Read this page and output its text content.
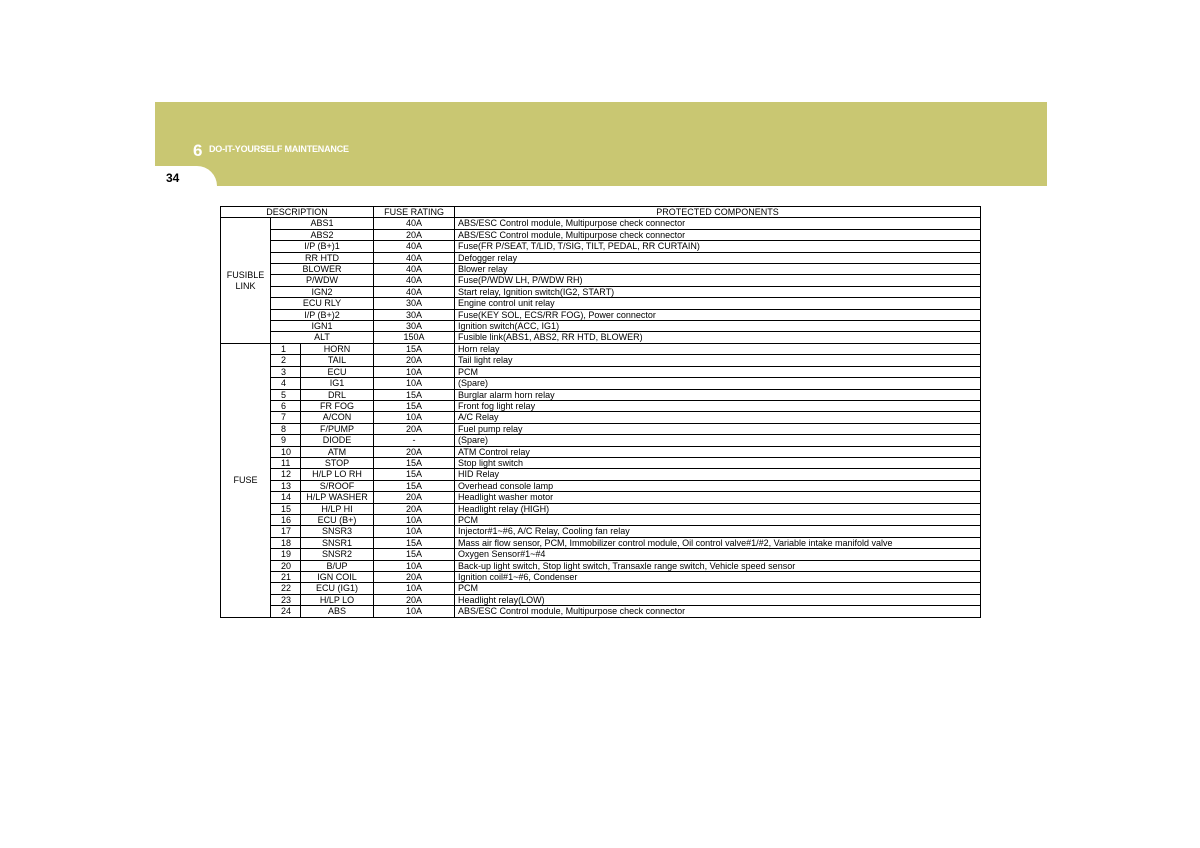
6 DO-IT-YOURSELF MAINTENANCE
34
DESCRIPTION			FUSE RATING	PROTECTED COMPONENTS
FUSIBLE LINK	ABS1		40A	ABS/ESC Control module, Multipurpose check connector
	ABS2		20A	ABS/ESC Control module, Multipurpose check connector
	I/P (B+)1		40A	Fuse(FR P/SEAT, T/LID, T/SIG, TILT, PEDAL, RR CURTAIN)
	RR HTD		40A	Defogger relay
	BLOWER		40A	Blower relay
	P/WDW		40A	Fuse(P/WDW LH, P/WDW RH)
	IGN2		40A	Start relay, Ignition switch(IG2, START)
	ECU RLY		30A	Engine control unit relay
	I/P (B+)2		30A	Fuse(KEY SOL, ECS/RR FOG), Power connector
	IGN1		30A	Ignition switch(ACC, IG1)
	ALT		150A	Fusible link(ABS1, ABS2, RR HTD, BLOWER)
FUSE	1	HORN	15A	Horn relay
	2	TAIL	20A	Tail light relay
	3	ECU	10A	PCM
	4	IG1	10A	(Spare)
	5	DRL	15A	Burglar alarm horn relay
	6	FR FOG	15A	Front fog light relay
	7	A/CON	10A	A/C Relay
	8	F/PUMP	20A	Fuel pump relay
	9	DIODE	-	(Spare)
	10	ATM	20A	ATM Control relay
	11	STOP	15A	Stop light switch
	12	H/LP LO RH	15A	HID Relay
	13	S/ROOF	15A	Overhead console lamp
	14	H/LP WASHER	20A	Headlight washer motor
	15	H/LP HI	20A	Headlight relay (HIGH)
	16	ECU (B+)	10A	PCM
	17	SNSR3	10A	Injector#1~#6, A/C Relay, Cooling fan relay
	18	SNSR1	15A	Mass air flow sensor, PCM, Immobilizer control module, Oil control valve#1/#2, Variable intake manifold valve
	19	SNSR2	15A	Oxygen Sensor#1~#4
	20	B/UP	10A	Back-up light switch, Stop light switch, Transaxle range switch, Vehicle speed sensor
	21	IGN COIL	20A	Ignition coil#1~#6, Condenser
	22	ECU (IG1)	10A	PCM
	23	H/LP LO	20A	Headlight relay(LOW)
	24	ABS	10A	ABS/ESC Control module, Multipurpose check connector
